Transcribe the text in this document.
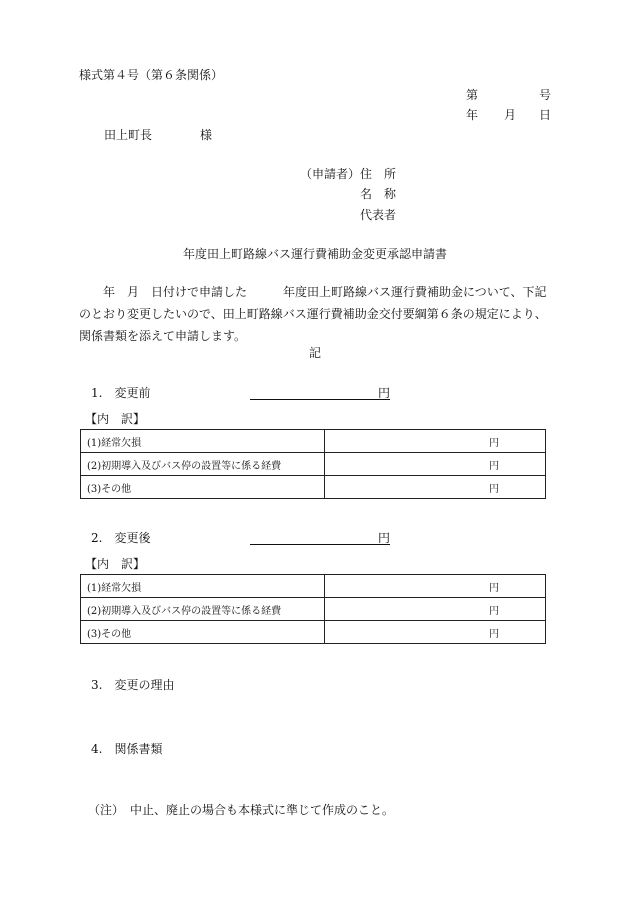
様式第４号（第６条関係）
第	号
年 月 日
田上町長	様
（申請者） 住　所
名　称
代表者
年度田上町路線バス運行費補助金変更承認申請書
年　月　日付けで申請した　　　年度田上町路線バス運行費補助金について、下記
のとおり変更したいので、田上町路線バス運行費補助金交付要綱第６条の規定により、
関係書類を添えて申請します。
記
1.　変更前	円
【内　訳】
(1)経常欠損	円
(2)初期導入及びバス停の設置等に係る経費	円
(3)その他	円
2.　変更後	円
【内　訳】
(1)経常欠損	円
(2)初期導入及びバス停の設置等に係る経費	円
(3)その他	円
3.　変更の理由
4.　関係書類
（注）　中止、廃止の場合も本様式に準じて作成のこと。
